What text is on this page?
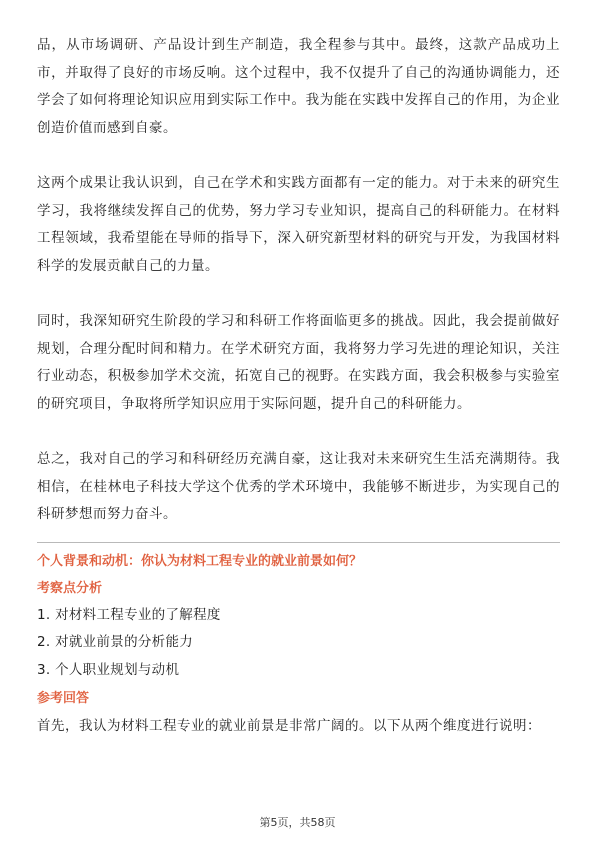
品，从市场调研、产品设计到生产制造，我全程参与其中。最终，这款产品成功上市，并取得了良好的市场反响。这个过程中，我不仅提升了自己的沟通协调能力，还学会了如何将理论知识应用到实际工作中。我为能在实践中发挥自己的作用，为企业创造价值而感到自豪。

这两个成果让我认识到，自己在学术和实践方面都有一定的能力。对于未来的研究生学习，我将继续发挥自己的优势，努力学习专业知识，提高自己的科研能力。在材料工程领域，我希望能在导师的指导下，深入研究新型材料的研究与开发，为我国材料科学的发展贡献自己的力量。

同时，我深知研究生阶段的学习和科研工作将面临更多的挑战。因此，我会提前做好规划，合理分配时间和精力。在学术研究方面，我将努力学习先进的理论知识，关注行业动态，积极参加学术交流，拓宽自己的视野。在实践方面，我会积极参与实验室的研究项目，争取将所学知识应用于实际问题，提升自己的科研能力。

总之，我对自己的学习和科研经历充满自豪，这让我对未来研究生生活充满期待。我相信，在桂林电子科技大学这个优秀的学术环境中，我能够不断进步，为实现自己的科研梦想而努力奋斗。

个人背景和动机：你认为材料工程专业的就业前景如何？
考察点分析
1. 对材料工程专业的了解程度
2. 对就业前景的分析能力
3. 个人职业规划与动机
参考回答

首先，我认为材料工程专业的就业前景是非常广阔的。以下从两个维度进行说明：

第5页，共58页
